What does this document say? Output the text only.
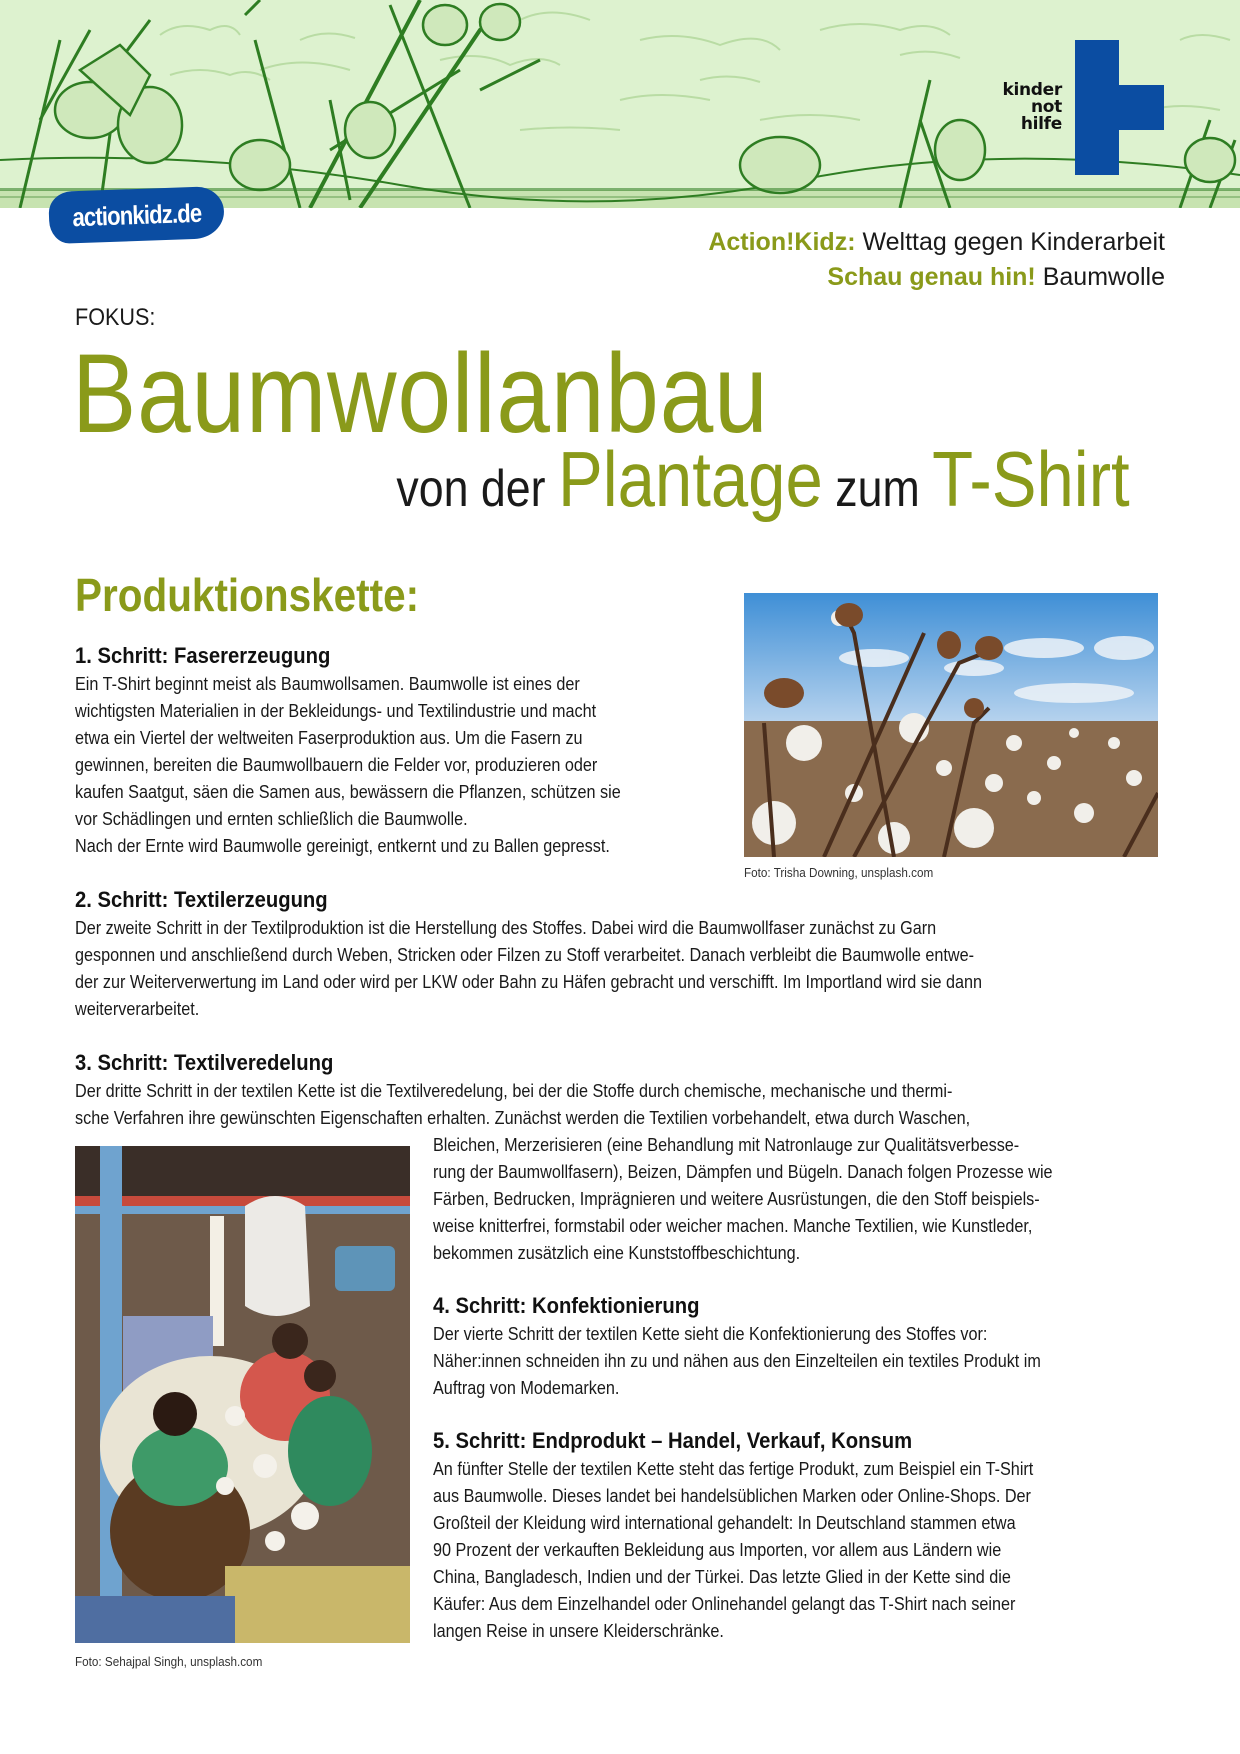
kinder
not
hilfe
actionkidz.de
Action!Kidz: Welttag gegen Kinderarbeit
Schau genau hin! Baumwolle
FOKUS:
Baumwollanbau
von der Plantage zum T-Shirt
Produktionskette:
Foto: Trisha Downing, unsplash.com
1. Schritt: Fasererzeugung
Ein T-Shirt beginnt meist als Baumwollsamen. Baumwolle ist eines der
wichtigsten Materialien in der Bekleidungs- und Textilindustrie und macht
etwa ein Viertel der weltweiten Faserproduktion aus. Um die Fasern zu
gewinnen, bereiten die Baumwollbauern die Felder vor, produzieren oder
kaufen Saatgut, säen die Samen aus, bewässern die Pflanzen, schützen sie
vor Schädlingen und ernten schließlich die Baumwolle.
Nach der Ernte wird Baumwolle gereinigt, entkernt und zu Ballen gepresst.
2. Schritt: Textilerzeugung
Der zweite Schritt in der Textilproduktion ist die Herstellung des Stoffes. Dabei wird die Baumwollfaser zunächst zu Garn
gesponnen und anschließend durch Weben, Stricken oder Filzen zu Stoff verarbeitet. Danach verbleibt die Baumwolle entwe-
der zur Weiterverwertung im Land oder wird per LKW oder Bahn zu Häfen gebracht und verschifft. Im Importland wird sie dann
weiterverarbeitet.
3. Schritt: Textilveredelung
Der dritte Schritt in der textilen Kette ist die Textilveredelung, bei der die Stoffe durch chemische, mechanische und thermi-
sche Verfahren ihre gewünschten Eigenschaften erhalten. Zunächst werden die Textilien vorbehandelt, etwa durch Waschen,
Foto: Sehajpal Singh, unsplash.com
Bleichen, Merzerisieren (eine Behandlung mit Natronlauge zur Qualitätsverbesse-
rung der Baumwollfasern), Beizen, Dämpfen und Bügeln. Danach folgen Prozesse wie
Färben, Bedrucken, Imprägnieren und weitere Ausrüstungen, die den Stoff beispiels-
weise knitterfrei, formstabil oder weicher machen. Manche Textilien, wie Kunstleder,
bekommen zusätzlich eine Kunststoffbeschichtung.
4. Schritt: Konfektionierung
Der vierte Schritt der textilen Kette sieht die Konfektionierung des Stoffes vor:
Näher:innen schneiden ihn zu und nähen aus den Einzelteilen ein textiles Produkt im
Auftrag von Modemarken.
5. Schritt: Endprodukt – Handel, Verkauf, Konsum
An fünfter Stelle der textilen Kette steht das fertige Produkt, zum Beispiel ein T-Shirt
aus Baumwolle. Dieses landet bei handelsüblichen Marken oder Online-Shops. Der
Großteil der Kleidung wird international gehandelt: In Deutschland stammen etwa
90 Prozent der verkauften Bekleidung aus Importen, vor allem aus Ländern wie
China, Bangladesch, Indien und der Türkei. Das letzte Glied in der Kette sind die
Käufer: Aus dem Einzelhandel oder Onlinehandel gelangt das T-Shirt nach seiner
langen Reise in unsere Kleiderschränke.
